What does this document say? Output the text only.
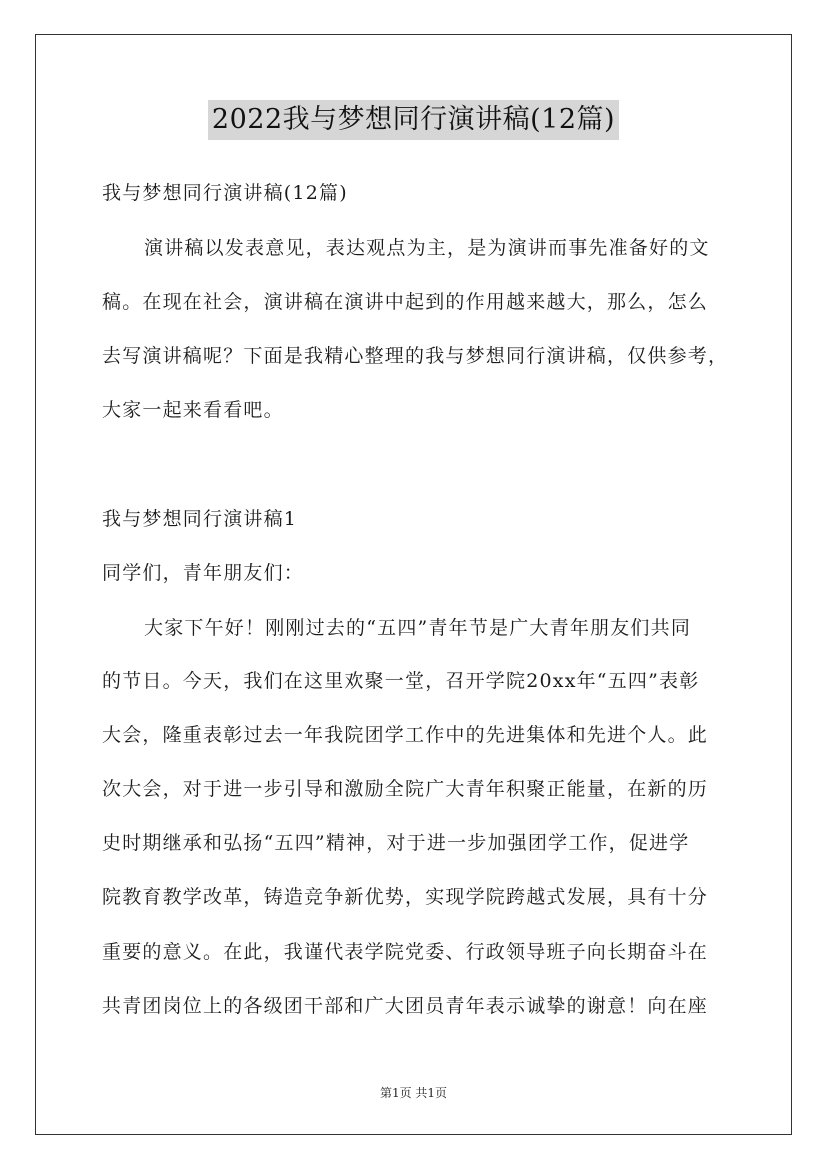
2022我与梦想同行演讲稿(12篇)
我与梦想同行演讲稿(12篇)
演讲稿以发表意见，表达观点为主，是为演讲而事先准备好的文
稿。在现在社会，演讲稿在演讲中起到的作用越来越大，那么，怎么
去写演讲稿呢？下面是我精心整理的我与梦想同行演讲稿，仅供参考，
大家一起来看看吧。
我与梦想同行演讲稿1
同学们，青年朋友们：
大家下午好！刚刚过去的“五四”青年节是广大青年朋友们共同
的节日。今天，我们在这里欢聚一堂，召开学院20xx年“五四”表彰
大会，隆重表彰过去一年我院团学工作中的先进集体和先进个人。此
次大会，对于进一步引导和激励全院广大青年积聚正能量，在新的历
史时期继承和弘扬“五四”精神，对于进一步加强团学工作，促进学
院教育教学改革，铸造竞争新优势，实现学院跨越式发展，具有十分
重要的意义。在此，我谨代表学院党委、行政领导班子向长期奋斗在
共青团岗位上的各级团干部和广大团员青年表示诚挚的谢意！向在座
第1页 共1页
